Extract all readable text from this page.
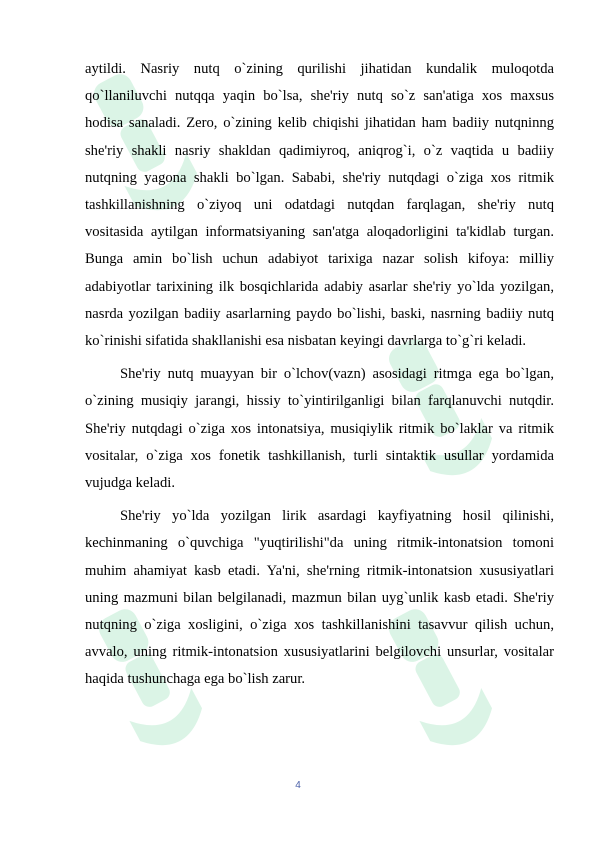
aytildi. Nasriy nutq o`zining qurilishi jihatidan kundalik muloqotda qo`llaniluvchi nutqqa yaqin bo`lsa, she'riy nutq so`z san'atiga xos maxsus hodisa sanaladi. Zero, o`zining kelib chiqishi jihatidan ham badiiy nutqninng she'riy shakli nasriy shakldan qadimiyroq, aniqrog`i, o`z vaqtida u badiiy nutqning yagona shakli bo`lgan. Sababi, she'riy nutqdagi o`ziga xos ritmik tashkillanishning o`ziyoq uni odatdagi nutqdan farqlagan, she'riy nutq vositasida aytilgan informatsiyaning san'atga aloqadorligini ta'kidlab turgan. Bunga amin bo`lish uchun adabiyot tarixiga nazar solish kifoya: milliy adabiyotlar tarixining ilk bosqichlarida adabiy asarlar she'riy yo`lda yozilgan, nasrda yozilgan badiiy asarlarning paydo bo`lishi, baski, nasrning badiiy nutq ko`rinishi sifatida shakllanishi esa nisbatan keyingi davrlarga to`g`ri keladi.

She'riy nutq muayyan bir o`lchov(vazn) asosidagi ritmga ega bo`lgan, o`zining musiqiy jarangi, hissiy to`yintirilganligi bilan farqlanuvchi nutqdir. She'riy nutqdagi o`ziga xos intonatsiya, musiqiylik ritmik bo`laklar va ritmik vositalar, o`ziga xos fonetik tashkillanish, turli sintaktik usullar yordamida vujudga keladi.

She'riy yo`lda yozilgan lirik asardagi kayfiyatning hosil qilinishi, kechinmaning o`quvchiga "yuqtirilishi"da uning ritmik-intonatsion tomoni muhim ahamiyat kasb etadi. Ya'ni, she'rning ritmik-intonatsion xususiyatlari uning mazmuni bilan belgilanadi, mazmun bilan uyg`unlik kasb etadi. She'riy nutqning o`ziga xosligini, o`ziga xos tashkillanishini tasavvur qilish uchun, avvalo, uning ritmik-intonatsion xususiyatlarini belgilovchi unsurlar, vositalar haqida tushunchaga ega bo`lish zarur.

4
